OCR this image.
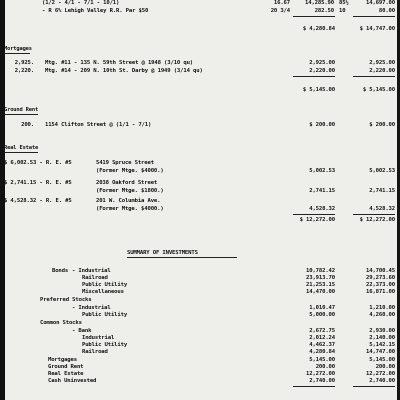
(1/2 - 4/1 - 7/1 - 10/1)	16.67	14,285.90 85½	14,697.00
- R 6% Lehigh Valley R.R. Par $50	20 3/4	282.50 10	80.00
$ 4,280.84	$ 14,747.00
Mortgages
2,925. Mtg. #11 - 135 N. 59th Street @ 1948 (3/10 qu)	2,925.00	2,925.00
2,220. Mtg. #14 - 209 N. 10th St. Darby @ 1949 (3/14 qu)	2,220.00	2,220.00
$ 5,145.00	$ 5,145.00
Ground Rent
200. 1154 Clifton Street @ (1/1 - 7/1)	$ 200.00	$ 200.00
Real Estate
$ 6,002.53 - R. E. #5	5419 Spruce Street
(Former Mtge. $4000.)	5,002.53	5,002.53
$ 2,741.15 - R. E. #5	2038 Oakford Street
(Former Mtge. $1800.)	2,741.15	2,741.15
$ 4,528.32 - R. E. #5	201 W. Columbia Ave.
(Former Mtge. $4000.)	4,528.32	4,528.32
$ 12,272.00	$ 12,272.00
SUMMARY OF INVESTMENTS
Bonds - Industrial	10,782.42	14,700.45
Railroad	23,913.70	29,273.60
Public Utility	21,253.15	22,373.00
Miscellaneous	14,470.00	16,871.00
Preferred Stocks
- Industrial	1,010.47	1,210.00
Public Utility	5,000.00	4,260.00
Common Stocks
- Bank	2,672.75	2,930.00
Industrial	2,012.24	2,140.00
Public Utility	4,462.37	5,142.15
Railroad	4,280.84	14,747.00
Mortgages	5,145.00	5,145.00
Ground Rent	200.00	200.00
Real Estate	12,272.00	12,272.00
Cash Uninvested	2,740.00	2,740.00
